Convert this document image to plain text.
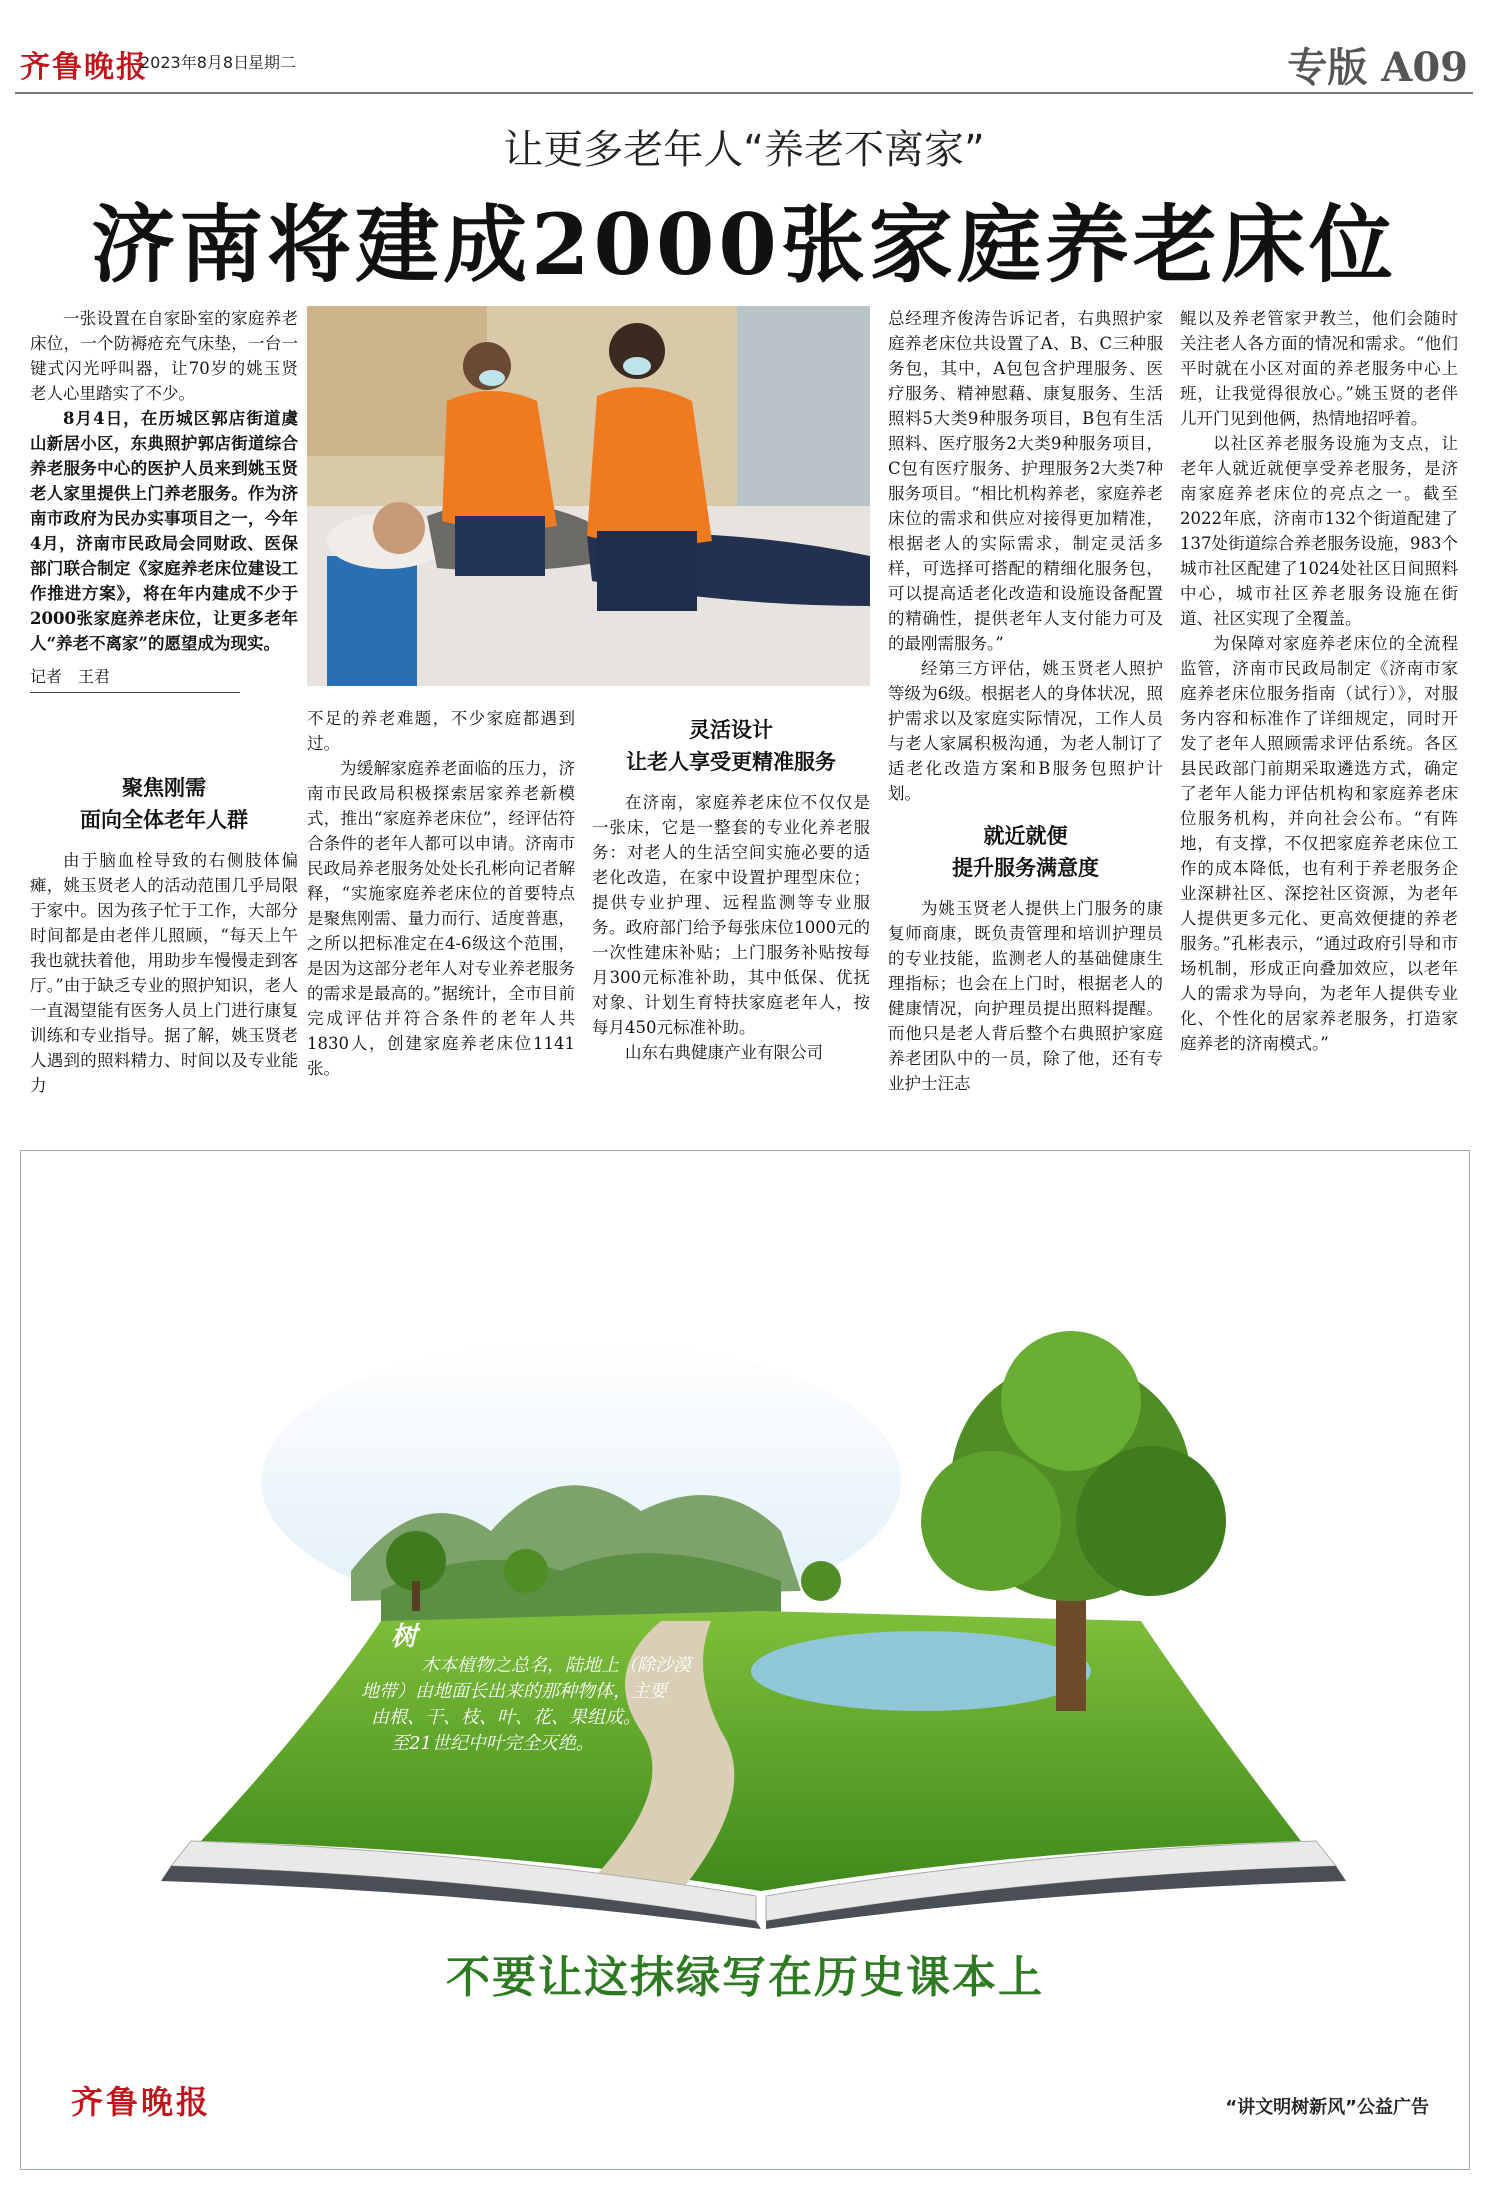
齐鲁晚报
2023年8月8日
星期二	专版 A09
让更多老年人“养老不离家”
济南将建成2000张家庭养老床位

一张设置在自家卧室的家庭养老床位，一个防褥疮充气床垫，一台一键式闪光呼叫器，让70岁的姚玉贤老人心里踏实了不少。

8月4日，在历城区郭店街道虞山新居小区，东典照护郭店街道综合养老服务中心的医护人员来到姚玉贤老人家里提供上门养老服务。作为济南市政府为民办实事项目之一，今年4月，济南市民政局会同财政、医保部门联合制定《家庭养老床位建设工作推进方案》，将在年内建成不少于2000张家庭养老床位，让更多老年人“养老不离家”的愿望成为现实。

记者　王君
聚焦刚需
面向全体老年人群

由于脑血栓导致的右侧肢体偏瘫，姚玉贤老人的活动范围几乎局限于家中。因为孩子忙于工作，大部分时间都是由老伴儿照顾，“每天上午我也就扶着他，用助步车慢慢走到客厅。”由于缺乏专业的照护知识，老人一直渴望能有医务人员上门进行康复训练和专业指导。据了解，姚玉贤老人遇到的照料精力、时间以及专业能力

不足的养老难题，不少家庭都遇到过。

为缓解家庭养老面临的压力，济南市民政局积极探索居家养老新模式，推出“家庭养老床位”，经评估符合条件的老年人都可以申请。济南市民政局养老服务处处长孔彬向记者解释，“实施家庭养老床位的首要特点是聚焦刚需、量力而行、适度普惠，之所以把标准定在4-6级这个范围，是因为这部分老年人对专业养老服务的需求是最高的。”据统计，全市目前完成评估并符合条件的老年人共1830人，创建家庭养老床位1141张。

灵活设计
让老人享受更精准服务

在济南，家庭养老床位不仅仅是一张床，它是一整套的专业化养老服务：对老人的生活空间实施必要的适老化改造，在家中设置护理型床位；提供专业护理、远程监测等专业服务。政府部门给予每张床位1000元的一次性建床补贴；上门服务补贴按每月300元标准补助，其中低保、优抚对象、计划生育特扶家庭老年人，按每月450元标准补助。

山东右典健康产业有限公司

总经理齐俊涛告诉记者，右典照护家庭养老床位共设置了A、B、C三种服务包，其中，A包包含护理服务、医疗服务、精神慰藉、康复服务、生活照料5大类9种服务项目，B包有生活照料、医疗服务2大类9种服务项目，C包有医疗服务、护理服务2大类7种服务项目。“相比机构养老，家庭养老床位的需求和供应对接得更加精准，根据老人的实际需求，制定灵活多样，可选择可搭配的精细化服务包，可以提高适老化改造和设施设备配置的精确性，提供老年人支付能力可及的最刚需服务。”

经第三方评估，姚玉贤老人照护等级为6级。根据老人的身体状况，照护需求以及家庭实际情况，工作人员与老人家属积极沟通，为老人制订了适老化改造方案和B服务包照护计划。

就近就便
提升服务满意度

为姚玉贤老人提供上门服务的康复师商康，既负责管理和培训护理员的专业技能，监测老人的基础健康生理指标；也会在上门时，根据老人的健康情况，向护理员提出照料提醒。而他只是老人背后整个右典照护家庭养老团队中的一员，除了他，还有专业护士汪志

鲲以及养老管家尹教兰，他们会随时关注老人各方面的情况和需求。“他们平时就在小区对面的养老服务中心上班，让我觉得很放心。”姚玉贤的老伴儿开门见到他俩，热情地招呼着。

以社区养老服务设施为支点，让老年人就近就便享受养老服务，是济南家庭养老床位的亮点之一。截至2022年底，济南市132个街道配建了137处街道综合养老服务设施，983个城市社区配建了1024处社区日间照料中心，城市社区养老服务设施在街道、社区实现了全覆盖。

为保障对家庭养老床位的全流程监管，济南市民政局制定《济南市家庭养老床位服务指南（试行）》，对服务内容和标准作了详细规定，同时开发了老年人照顾需求评估系统。各区县民政部门前期采取遴选方式，确定了老年人能力评估机构和家庭养老床位服务机构，并向社会公布。“有阵地，有支撑，不仅把家庭养老床位工作的成本降低，也有利于养老服务企业深耕社区、深挖社区资源，为老年人提供更多元化、更高效便捷的养老服务。”孔彬表示，“通过政府引导和市场机制，形成正向叠加效应，以老年人的需求为导向，为老年人提供专业化、个性化的居家养老服务，打造家庭养老的济南模式。”

树
木本植物之总名，陆地上（除沙漠
地带）由地面长出来的那种物体，主要
由根、干、枝、叶、花、果组成。
至21世纪中叶完全灭绝。
不要让这抹绿写在历史课本上
齐鲁晚报	“讲文明树新风”公益广告
